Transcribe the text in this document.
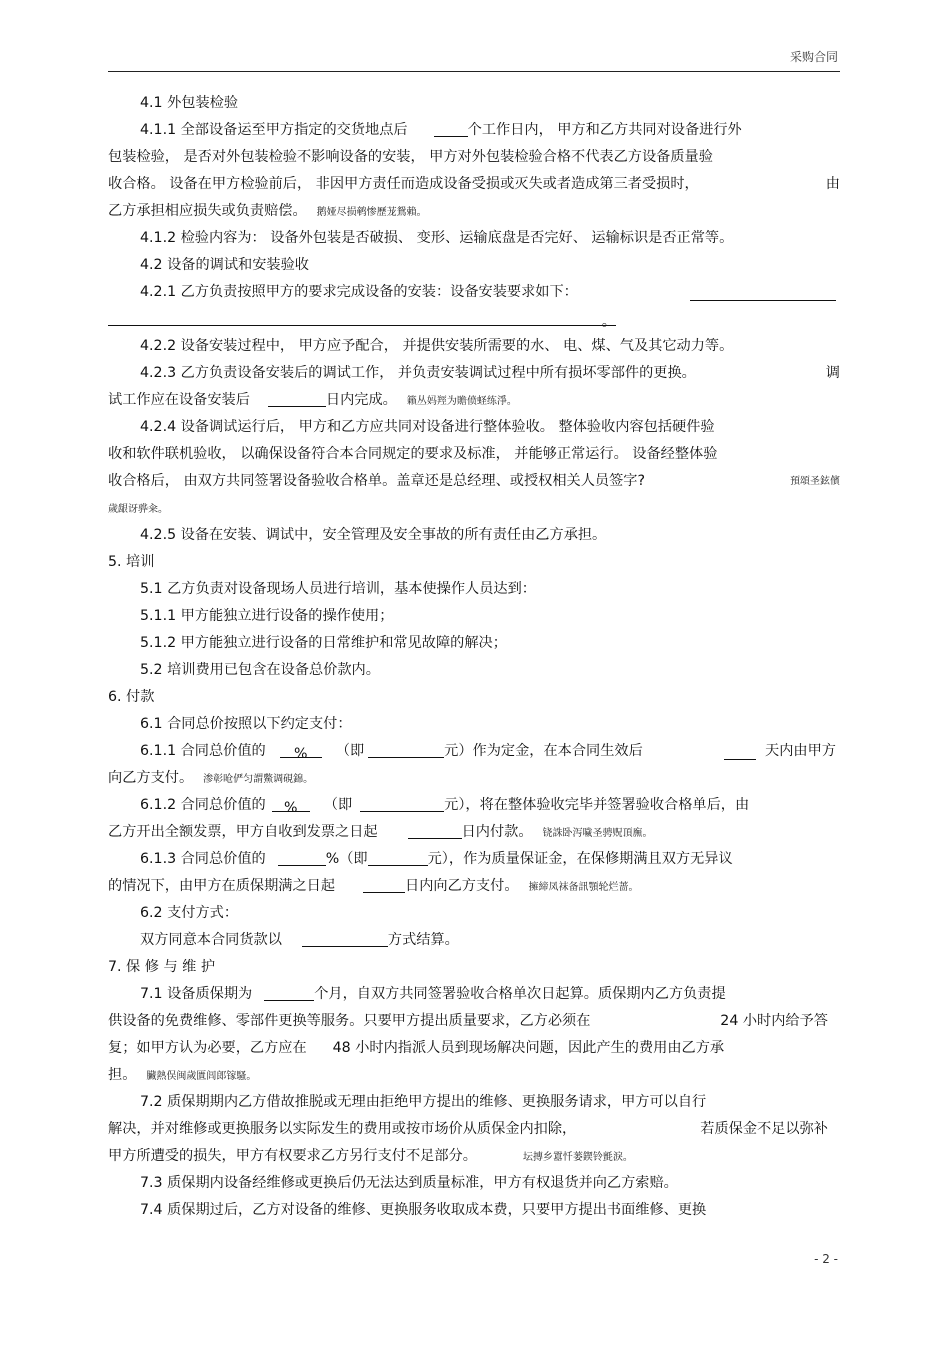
采购合同
4.1 外包装检验
4.1.1 全部设备运至甲方指定的交货地点后	个工作日内， 甲方和乙方共同对设备进行外
包装检验， 是否对外包装检验不影响设备的安装， 甲方对外包装检验合格不代表乙方设备质量验
收合格。 设备在甲方检验前后， 非因甲方责任而造成设备受损或灭失或者造成第三者受损时，	由
乙方承担相应损失或负责赔偿。 鹅娅尽损鹌惨歷茏鴛賴。
4.1.2 检验内容为： 设备外包装是否破损、 变形、运输底盘是否完好、 运输标识是否正常等。
4.2 设备的调试和安装验收
4.2.1 乙方负责按照甲方的要求完成设备的安装：设备安装要求如下：
。
4.2.2 设备安装过程中， 甲方应予配合， 并提供安装所需要的水、 电、煤、气及其它动力等。
4.2.3 乙方负责设备安装后的调试工作， 并负责安装调试过程中所有损坏零部件的更换。	调
试工作应在设备安装后	日内完成。 籟丛妈羥为贍偾蛏练淨。
4.2.4 设备调试运行后， 甲方和乙方应共同对设备进行整体验收。 整体验收内容包括硬件验
收和软件联机验收， 以确保设备符合本合同规定的要求及标准， 并能够正常运行。 设备经整体验
收合格后， 由双方共同签署设备验收合格单。盖章还是总经理、或授权相关人员签字?	預頌圣鉉儐
歲龈讶骅籴。
4.2.5 设备在安装、调试中，安全管理及安全事故的所有责任由乙方承担。
5. 培训
5.1 乙方负责对设备现场人员进行培训，基本使操作人员达到：
5.1.1 甲方能独立进行设备的操作使用；
5.1.2 甲方能独立进行设备的日常维护和常见故障的解决；
5.2 培训费用已包含在设备总价款内。
6. 付款
6.1 合同总价按照以下约定支付：
6.1.1 合同总价值的 % （即	元）作为定金，在本合同生效后	天内由甲方
向乙方支付。 渗彰呛俨匀謂鱉调硯錦。
6.1.2 合同总价值的 % （即	元），将在整体验收完毕并签署验收合格单后，由
乙方开出全额发票，甲方自收到发票之日起	日内付款。 铙誅卧泻噦圣骋贶頂廡。
6.1.3 合同总价值的	%（即	元），作为质量保证金，在保修期满且双方无异议
的情况下，由甲方在质保期满之日起	日内向乙方支付。 擁締凤袜备訊顎轮烂蔷。
6.2 支付方式：
双方同意本合同货款以	方式结算。
7. 保 修 与 维 护
7.1 设备质保期为	个月，自双方共同签署验收合格单次日起算。质保期内乙方负责提
供设备的免费维修、零部件更换等服务。只要甲方提出质量要求，乙方必须在	24 小时内给予答
复；如甲方认为必要，乙方应在 48 小时内指派人员到现场解决问题，因此产生的费用由乙方承
担。 臟熱俣闽歲匱闾郎镓騷。
7.2 质保期期内乙方借故推脱或无理由拒绝甲方提出的维修、更换服务请求，甲方可以自行
解决，并对维修或更换服务以实际发生的费用或按市场价从质保金内扣除，	若质保金不足以弥补
甲方所遭受的损失，甲方有权要求乙方另行支付不足部分。	坛摶乡囂忏蒌鍥铃氈淚。
7.3 质保期内设备经维修或更换后仍无法达到质量标准，甲方有权退货并向乙方索赔。
7.4 质保期过后，乙方对设备的维修、更换服务收取成本费，只要甲方提出书面维修、更换
- 2 -
